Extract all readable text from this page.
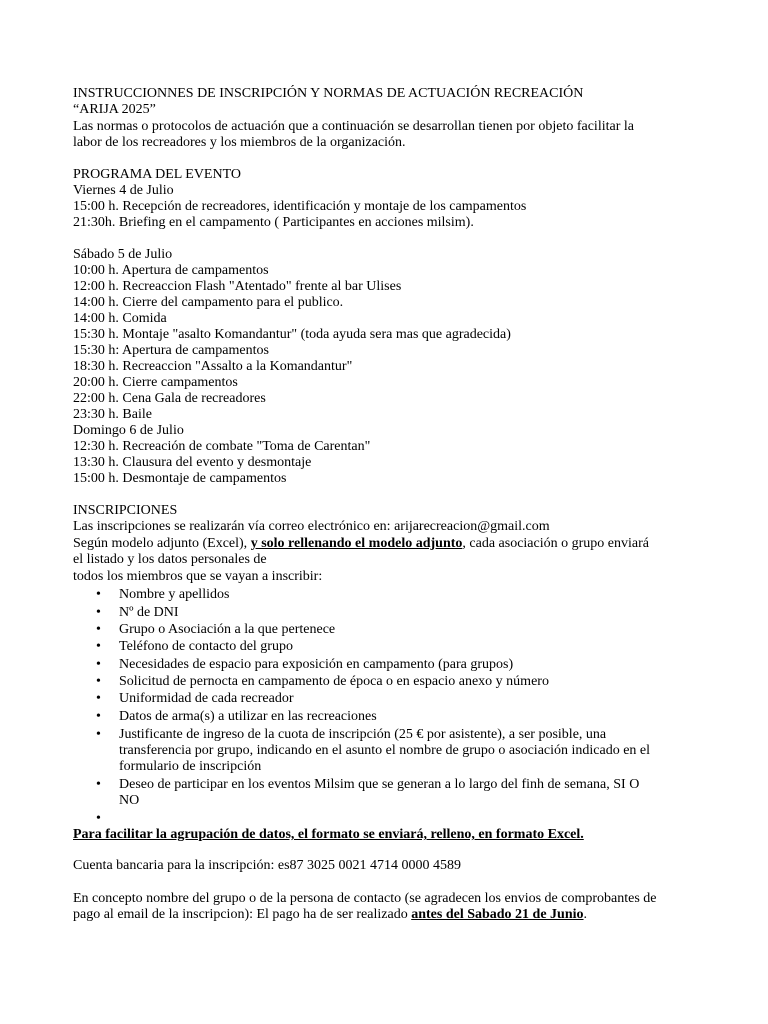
INSTRUCCIONNES DE INSCRIPCIÓN Y NORMAS DE ACTUACIÓN RECREACIÓN
“ARIJA 2025”
Las normas o protocolos de actuación que a continuación se desarrollan tienen por objeto facilitar la
labor de los recreadores y los miembros de la organización.
PROGRAMA DEL EVENTO
Viernes 4 de Julio
15:00 h. Recepción de recreadores, identificación y montaje de los campamentos
21:30h. Briefing en el campamento ( Participantes en acciones milsim).
Sábado 5 de Julio
10:00 h. Apertura de campamentos
12:00 h. Recreaccion Flash "Atentado" frente al bar Ulises
14:00 h. Cierre del campamento para el publico.
14:00 h. Comida
15:30 h. Montaje "asalto Komandantur" (toda ayuda sera mas que agradecida)
15:30 h: Apertura de campamentos
18:30 h. Recreaccion "Assalto a la Komandantur"
20:00 h. Cierre campamentos
22:00 h. Cena Gala de recreadores
23:30 h. Baile
Domingo 6 de Julio
12:30 h. Recreación de combate "Toma de Carentan"
13:30 h. Clausura del evento y desmontaje
15:00 h. Desmontaje de campamentos
INSCRIPCIONES
Las inscripciones se realizarán vía correo electrónico en: arijarecreacion@gmail.com
Según modelo adjunto (Excel), y solo rellenando el modelo adjunto, cada asociación o grupo enviará
el listado y los datos personales de
todos los miembros que se vayan a inscribir:
• Nombre y apellidos
• Nº de DNI
• Grupo o Asociación a la que pertenece
• Teléfono de contacto del grupo
• Necesidades de espacio para exposición en campamento (para grupos)
• Solicitud de pernocta en campamento de época o en espacio anexo y número
• Uniformidad de cada recreador
• Datos de arma(s) a utilizar en las recreaciones
• Justificante de ingreso de la cuota de inscripción (25 € por asistente), a ser posible, una
transferencia por grupo, indicando en el asunto el nombre de grupo o asociación indicado en el
formulario de inscripción
• Deseo de participar en los eventos Milsim que se generan a lo largo del finh de semana, SI O
NO
•
Para facilitar la agrupación de datos, el formato se enviará, relleno, en formato Excel.
Cuenta bancaria para la inscripción: es87 3025 0021 4714 0000 4589
En concepto nombre del grupo o de la persona de contacto (se agradecen los envios de comprobantes de
pago al email de la inscripcion): El pago ha de ser realizado antes del Sabado 21 de Junio.
